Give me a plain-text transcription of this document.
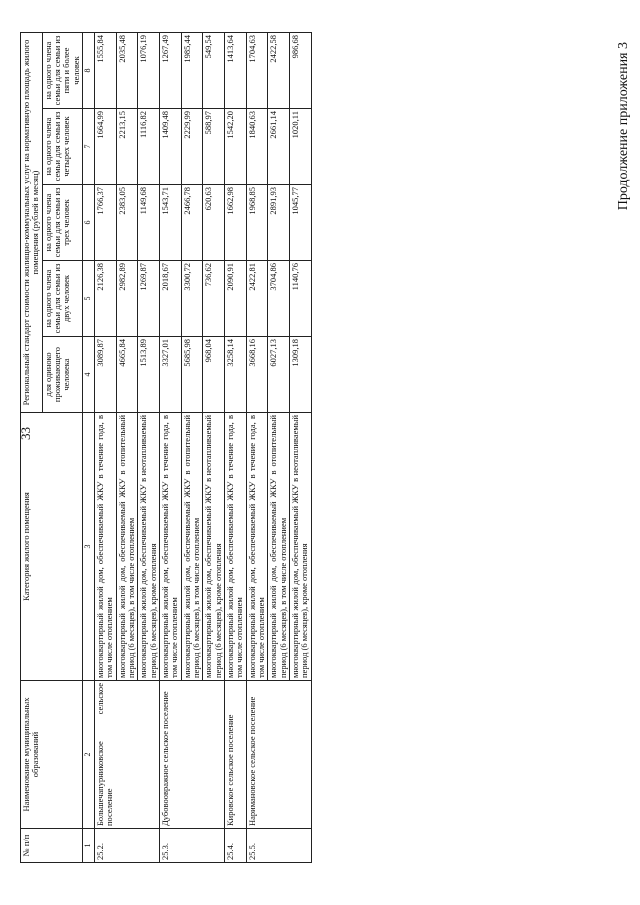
33
Продолжение приложения 3
№ п/п	Наименование муниципальных образований	Категория жилого помещения	Региональный стандарт стоимости жилищно-коммунальных услуг на нормативную площадь жилого помещения (рублей в месяц)				
			для одиноко проживающего человека	на одного члена семьи для семьи из двух человек	на одного члена семьи для семьи из трех человек	на одного члена семьи для семьи из четырех человек	на одного члена семьи для семьи из пяти и более человек
1	2	3	4	5	6	7	8
25.2.	Большечапурниковское сельское поселение	многоквартирный жилой дом, обеспечиваемый ЖКУ в течение года, в том числе отоплением	3089,87	2126,38	1766,37	1664,99	1555,84
		многоквартирный жилой дом, обеспечиваемый ЖКУ в отопительный период (6 месяцев), в том числе отоплением	4665,84	2982,89	2383,05	2213,15	2035,48
		многоквартирный жилой дом, обеспечиваемый ЖКУ в неотапливаемый период (6 месяцев), кроме отопления	1513,89	1269,87	1149,68	1116,82	1076,19
25.3.	Дубовоовражное сельское поселение	многоквартирный жилой дом, обеспечиваемый ЖКУ в течение года, в том числе отоплением	3327,01	2018,67	1543,71	1409,48	1267,49
		многоквартирный жилой дом, обеспечиваемый ЖКУ в отопительный период (6 месяцев), в том числе отоплением	5685,98	3300,72	2466,78	2229,99	1985,44
		многоквартирный жилой дом, обеспечиваемый ЖКУ в неотапливаемый период (6 месяцев), кроме отопления	968,04	736,62	620,63	588,97	549,54
25.4.	Кировское сельское поселение	многоквартирный жилой дом, обеспечиваемый ЖКУ в течение года, в том числе отоплением	3258,14	2090,91	1662,98	1542,20	1413,64
25.5.	Наримановское сельское поселение	многоквартирный жилой дом, обеспечиваемый ЖКУ в течение года, в том числе отоплением	3668,16	2422,81	1968,85	1840,63	1704,63
		многоквартирный жилой дом, обеспечиваемый ЖКУ в отопительный период (6 месяцев), в том числе отоплением	6027,13	3704,86	2891,93	2661,14	2422,58
		многоквартирный жилой дом, обеспечиваемый ЖКУ в неотапливаемый период (6 месяцев), кроме отопления	1309,18	1140,76	1045,77	1020,11	986,68
